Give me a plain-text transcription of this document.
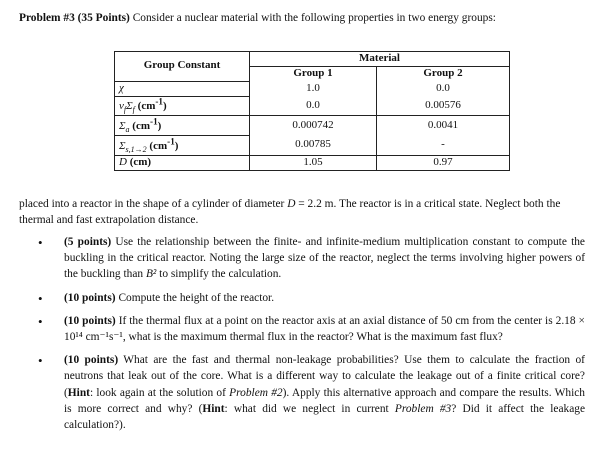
Problem #3 (35 Points) Consider a nuclear material with the following properties in two energy groups:
Group Constant	Material	
	Group 1	Group 2
χ	1.0	0.0
$\nu_f\Sigma_f$ $(cm^{-1})$	0.0	0.00576
$\Sigma_a$ $(cm^{-1})$	0.000742	0.0041
$\Sigma_{s,1\to 2}$ $(cm^{-1})$	0.00785	-
D (cm)	1.05	0.97
placed into a reactor in the shape of a cylinder of diameter D = 2.2 m. The reactor is in a critical state. Neglect both the thermal and fast extrapolation distance.
• (5 points) Use the relationship between the finite- and infinite-medium multiplication constant to compute the buckling in the critical reactor. Noting the large size of the reactor, neglect the terms involving higher powers of the buckling than B² to simplify the calculation.
• (10 points) Compute the height of the reactor.
• (10 points) If the thermal flux at a point on the reactor axis at an axial distance of 50 cm from the center is 2.18 × 10¹⁴ cm⁻¹s⁻¹, what is the maximum thermal flux in the reactor? What is the maximum fast flux?
• (10 points) What are the fast and thermal non-leakage probabilities? Use them to calculate the fraction of neutrons that leak out of the core. What is a different way to calculate the leakage out of a finite critical core? (Hint: look again at the solution of Problem #2). Apply this alternative approach and compare the results. Which is more correct and why? (Hint: what did we neglect in current Problem #3? Did it affect the leakage calculation?).
